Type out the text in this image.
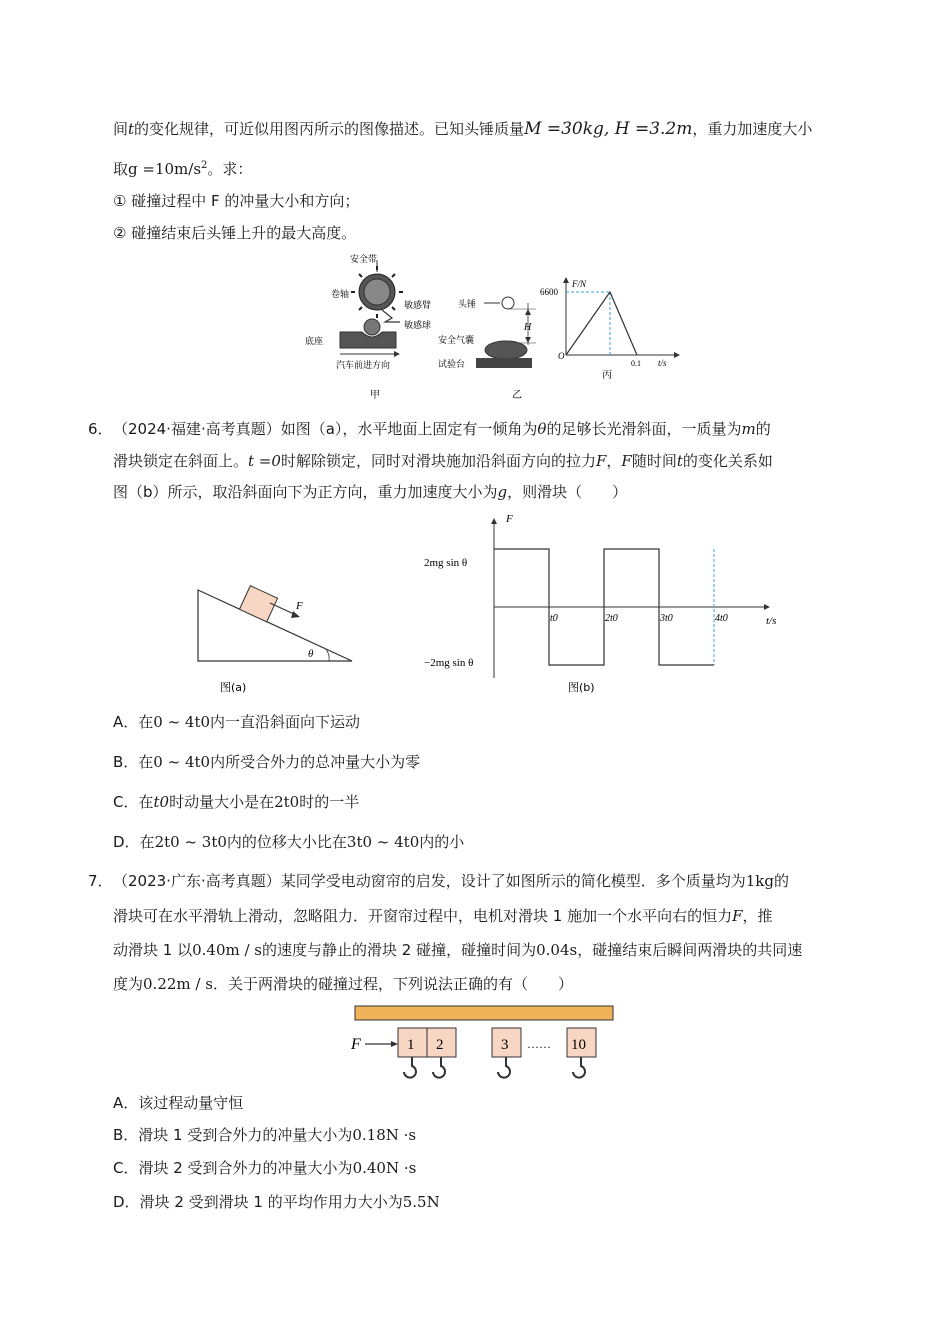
间t的变化规律，可近似用图丙所示的图像描述。已知头锤质量M =30kg, H =3.2m，重力加速度大小
取$g =10m/s^2$。求：
① 碰撞过程中 F 的冲量大小和方向；
② 碰撞结束后头锤上升的最大高度。
安全带
卷轴
敏感臂
敏感球
底座
汽车前进方向
甲
头锤
H
安全气囊
试验台
乙
F/N
6600
O
0.1 t/s
丙
6． （2024·福建·高考真题）如图（a），水平地面上固定有一倾角为θ的足够长光滑斜面，一质量为m的
滑块锁定在斜面上。t =0时解除锁定，同时对滑块施加沿斜面方向的拉力F，F随时间t的变化关系如
图（b）所示，取沿斜面向下为正方向，重力加速度大小为g，则滑块（　　）
F
θ
图(a)
F
2mg sin θ
−2mg sin θ
t/s
t0	2t0	3t0	4t0
图(b)
A．在0 ~ 4t0内一直沿斜面向下运动
B．在0 ~ 4t0内所受合外力的总冲量大小为零
C．在t0时动量大小是在2t0时的一半
D．在2t0 ~ 3t0内的位移大小比在3t0 ~ 4t0内的小
7． （2023·广东·高考真题）某同学受电动窗帘的启发，设计了如图所示的简化模型．多个质量均为1kg的
滑块可在水平滑轨上滑动，忽略阻力．开窗帘过程中，电机对滑块 1 施加一个水平向右的恒力F，推
动滑块 1 以0.40m / s的速度与静止的滑块 2 碰撞，碰撞时间为0.04s，碰撞结束后瞬间两滑块的共同速
度为0.22m / s．关于两滑块的碰撞过程，下列说法正确的有（　　）
F	1 2	3 …… 10
A．该过程动量守恒
B．滑块 1 受到合外力的冲量大小为0.18N ·s
C．滑块 2 受到合外力的冲量大小为0.40N ·s
D．滑块 2 受到滑块 1 的平均作用力大小为5.5N
